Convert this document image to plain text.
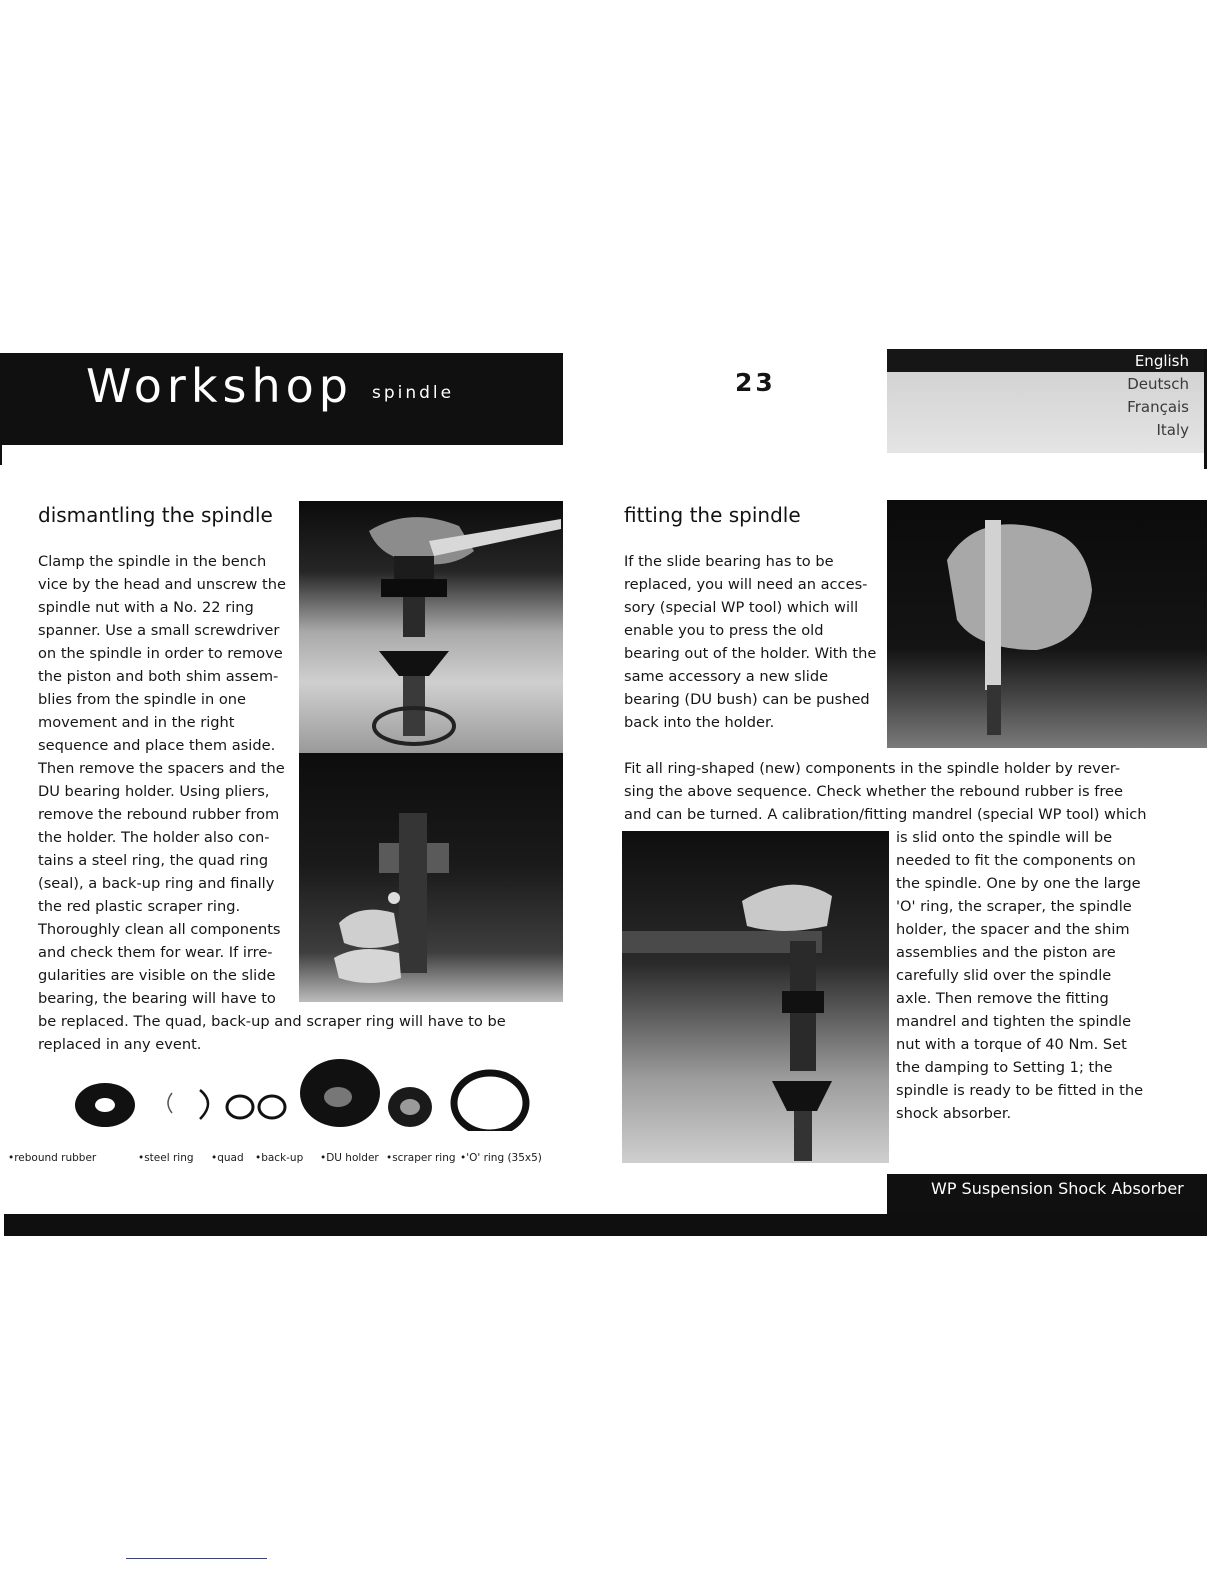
Workshop spindle	23
English
Deutsch
Français
Italy
dismantling the spindle
Clamp the spindle in the bench
vice by the head and unscrew the
spindle nut with a No. 22 ring
spanner. Use a small screwdriver
on the spindle in order to remove
the piston and both shim assem-
blies from the spindle in one
movement and in the right
sequence and place them aside.
Then remove the spacers and the
DU bearing holder. Using pliers,
remove the rebound rubber from
the holder. The holder also con-
tains a steel ring, the quad ring
(seal), a back-up ring and finally
the red plastic scraper ring.
Thoroughly clean all components
and check them for wear. If irre-
gularities are visible on the slide
bearing, the bearing will have to
be replaced. The quad, back-up and scraper ring will have to be
replaced in any event.
•rebound rubber	•steel ring •quad •back-up •DU holder •scraper ring •'O' ring (35x5)
fitting the spindle
If the slide bearing has to be
replaced, you will need an acces-
sory (special WP tool) which will
enable you to press the old
bearing out of the holder. With the
same accessory a new slide
bearing (DU bush) can be pushed
back into the holder.
Fit all ring-shaped (new) components in the spindle holder by rever-
sing the above sequence. Check whether the rebound rubber is free
and can be turned. A calibration/fitting mandrel (special WP tool) which
is slid onto the spindle will be
needed to fit the components on
the spindle. One by one the large
'O' ring, the scraper, the spindle
holder, the spacer and the shim
assemblies and the piston are
carefully slid over the spindle
axle. Then remove the fitting
mandrel and tighten the spindle
nut with a torque of 40 Nm. Set
the damping to Setting 1; the
spindle is ready to be fitted in the
shock absorber.
WP Suspension Shock Absorber
